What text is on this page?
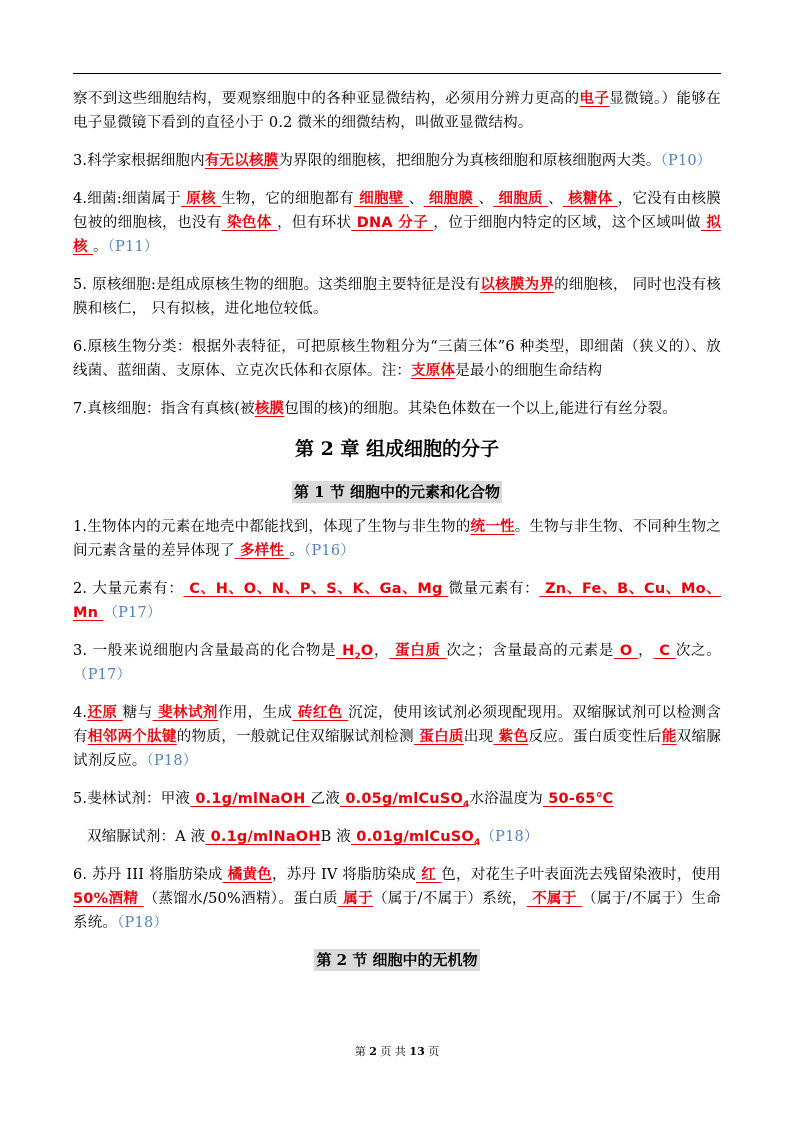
察不到这些细胞结构，要观察细胞中的各种亚显微结构，必须用分辨力更高的电子显微镜。）能够在电子显微镜下看到的直径小于 0.2 微米的细微结构，叫做亚显微结构。

3.科学家根据细胞内有无以核膜为界限的细胞核，把细胞分为真核细胞和原核细胞两大类。（P10）

4.细菌:细菌属于 原核 生物，它的细胞都有 细胞壁 、 细胞膜 、 细胞质 、 核糖体 ，它没有由核膜包被的细胞核，也没有 染色体 ，但有环状 DNA 分子 ，位于细胞内特定的区域，这个区域叫做 拟核 。（P11）

5. 原核细胞:是组成原核生物的细胞。这类细胞主要特征是没有以核膜为界的细胞核， 同时也没有核膜和核仁， 只有拟核，进化地位较低。

6.原核生物分类：根据外表特征，可把原核生物粗分为“三菌三体”6 种类型，即细菌（狭义的）、放线菌、蓝细菌、支原体、立克次氏体和衣原体。注：支原体是最小的细胞生命结构

7.真核细胞：指含有真核(被核膜包围的核)的细胞。其染色体数在一个以上,能进行有丝分裂。

第 2 章 组成细胞的分子
第 1 节 细胞中的元素和化合物

1.生物体内的元素在地壳中都能找到，体现了生物与非生物的统一性。生物与非生物、不同种生物之间元素含量的差异体现了 多样性 。（P16）

2. 大量元素有： C、H、O、N、P、S、K、Ga、Mg 微量元素有： Zn、Fe、B、Cu、Mo、Mn （P17）

3. 一般来说细胞内含量最高的化合物是 $H_2O$， 蛋白质 次之；含量最高的元素是 O ， C 次之。（P17）

4.还原 糖与 斐林试剂作用，生成 砖红色 沉淀，使用该试剂必须现配现用。双缩脲试剂可以检测含有相邻两个肽键的物质，一般就记住双缩脲试剂检测 蛋白质出现 紫色反应。蛋白质变性后能双缩脲试剂反应。（P18）

5.斐林试剂：甲液 0.1g/mlNaOH 乙液 0.05g/mlCuSO$_4$水浴温度为 50-65℃

双缩脲试剂：A 液 0.1g/mlNaOHB 液 0.01g/mlCuSO$_4$（P18）

6. 苏丹 III 将脂肪染成 橘黄色，苏丹 IV 将脂肪染成 红 色，对花生子叶表面洗去残留染液时，使用 50%酒精 （蒸馏水/50%酒精）。蛋白质 属于（属于/不属于）系统， 不属于 （属于/不属于）生命系统。（P18）

第 2 节 细胞中的无机物
第 2 页 共 13 页
